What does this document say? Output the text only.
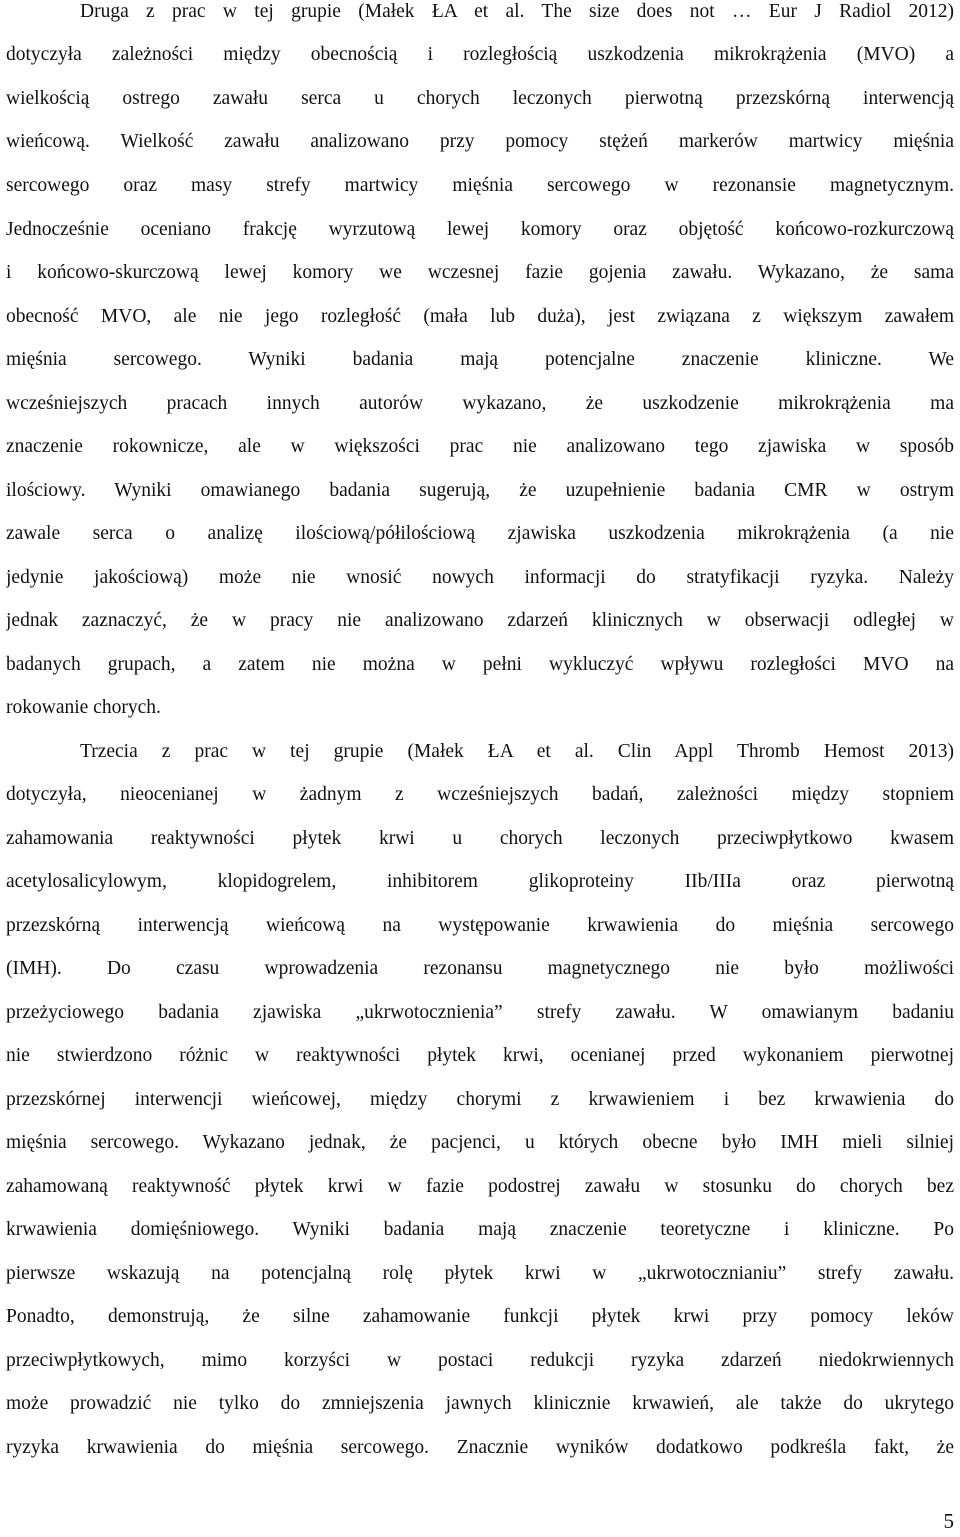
Druga z prac w tej grupie (Małek ŁA et al. The size does not … Eur J Radiol 2012)
dotyczyła zależności między obecnością i rozległością uszkodzenia mikrokrążenia (MVO) a
wielkością ostrego zawału serca u chorych leczonych pierwotną przezskórną interwencją
wieńcową. Wielkość zawału analizowano przy pomocy stężeń markerów martwicy mięśnia
sercowego oraz masy strefy martwicy mięśnia sercowego w rezonansie magnetycznym.
Jednocześnie oceniano frakcję wyrzutową lewej komory oraz objętość końcowo-rozkurczową
i końcowo-skurczową lewej komory we wczesnej fazie gojenia zawału. Wykazano, że sama
obecność MVO, ale nie jego rozległość (mała lub duża), jest związana z większym zawałem
mięśnia sercowego. Wyniki badania mają potencjalne znaczenie kliniczne. We
wcześniejszych pracach innych autorów wykazano, że uszkodzenie mikrokrążenia ma
znaczenie rokownicze, ale w większości prac nie analizowano tego zjawiska w sposób
ilościowy. Wyniki omawianego badania sugerują, że uzupełnienie badania CMR w ostrym
zawale serca o analizę ilościową/półilościową zjawiska uszkodzenia mikrokrążenia (a nie
jedynie jakościową) może nie wnosić nowych informacji do stratyfikacji ryzyka. Należy
jednak zaznaczyć, że w pracy nie analizowano zdarzeń klinicznych w obserwacji odległej w
badanych grupach, a zatem nie można w pełni wykluczyć wpływu rozległości MVO na
rokowanie chorych.
Trzecia z prac w tej grupie (Małek ŁA et al. Clin Appl Thromb Hemost 2013)
dotyczyła, nieocenianej w żadnym z wcześniejszych badań, zależności między stopniem
zahamowania reaktywności płytek krwi u chorych leczonych przeciwpłytkowo kwasem
acetylosalicylowym, klopidogrelem, inhibitorem glikoproteiny IIb/IIIa oraz pierwotną
przezskórną interwencją wieńcową na występowanie krwawienia do mięśnia sercowego
(IMH). Do czasu wprowadzenia rezonansu magnetycznego nie było możliwości
przeżyciowego badania zjawiska „ukrwotocznienia” strefy zawału. W omawianym badaniu
nie stwierdzono różnic w reaktywności płytek krwi, ocenianej przed wykonaniem pierwotnej
przezskórnej interwencji wieńcowej, między chorymi z krwawieniem i bez krwawienia do
mięśnia sercowego. Wykazano jednak, że pacjenci, u których obecne było IMH mieli silniej
zahamowaną reaktywność płytek krwi w fazie podostrej zawału w stosunku do chorych bez
krwawienia domięśniowego. Wyniki badania mają znaczenie teoretyczne i kliniczne. Po
pierwsze wskazują na potencjalną rolę płytek krwi w „ukrwotocznianiu” strefy zawału.
Ponadto, demonstrują, że silne zahamowanie funkcji płytek krwi przy pomocy leków
przeciwpłytkowych, mimo korzyści w postaci redukcji ryzyka zdarzeń niedokrwiennych
może prowadzić nie tylko do zmniejszenia jawnych klinicznie krwawień, ale także do ukrytego
ryzyka krwawienia do mięśnia sercowego. Znacznie wyników dodatkowo podkreśla fakt, że
5
